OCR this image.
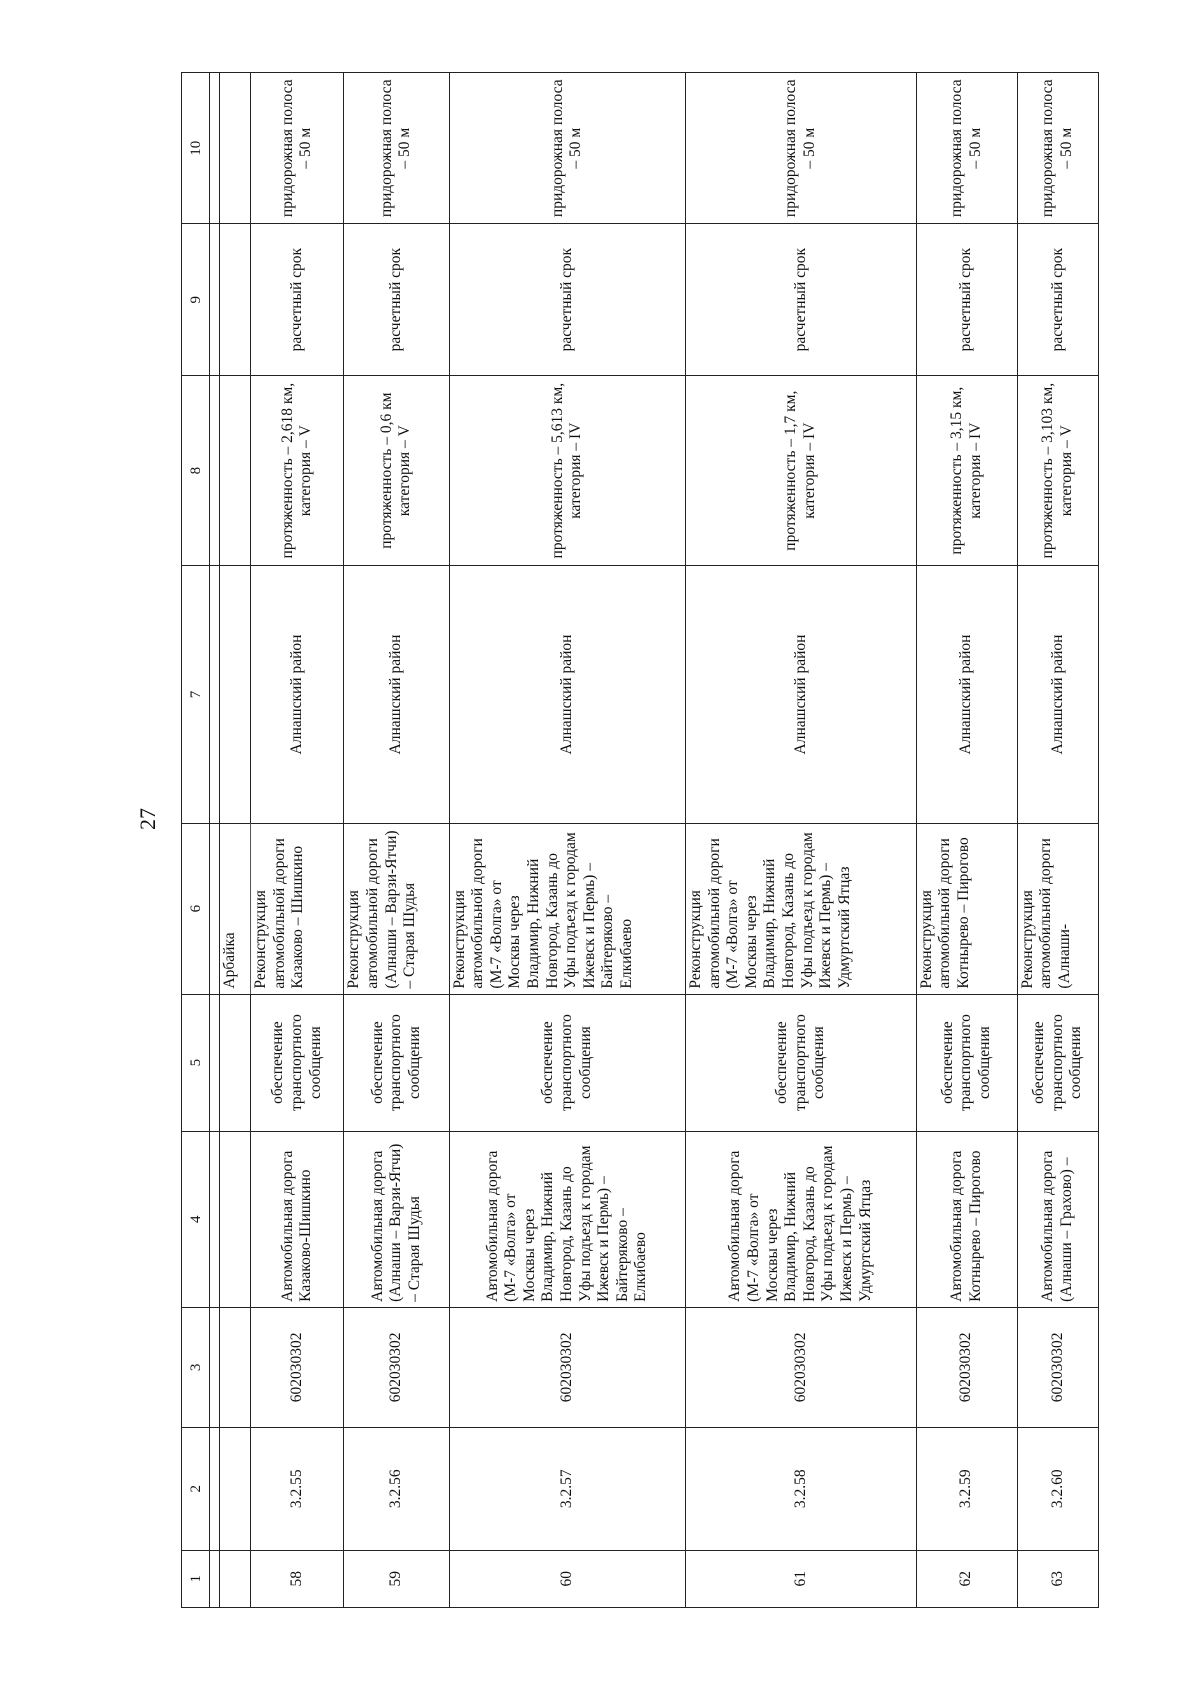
27
1	2	3	4	5	6	7	8	9	10

					Арбайка				
58	3.2.55	602030302	Автомобильная дорога Казаково-Шишкино	обеспечение транспортного сообщения	Реконструкция автомобильной дороги Казаково – Шишкино	Алнашский район	протяженность – 2,618 км, категория – V	расчетный срок	придорожная полоса – 50 м
59	3.2.56	602030302	Автомобильная дорога (Алнаши – Варзи-Ятчи) – Старая Шудья	обеспечение транспортного сообщения	Реконструкция автомобильной дороги (Алнаши – Варзи-Ятчи) – Старая Шудья	Алнашский район	протяженность – 0,6 км категория – V	расчетный срок	придорожная полоса – 50 м
60	3.2.57	602030302	Автомобильная дорога (М-7 «Волга» от Москвы через Владимир, Нижний Новгород, Казань до Уфы подъезд к городам Ижевск и Пермь) – Байтеряково – Елкибаево	обеспечение транспортного сообщения	Реконструкция автомобильной дороги (М-7 «Волга» от Москвы через Владимир, Нижний Новгород, Казань до Уфы подъезд к городам Ижевск и Пермь) – Байтеряково – Елкибаево	Алнашский район	протяженность – 5,613 км, категория – IV	расчетный срок	придорожная полоса – 50 м
61	3.2.58	602030302	Автомобильная дорога (М-7 «Волга» от Москвы через Владимир, Нижний Новгород, Казань до Уфы подъезд к городам Ижевск и Пермь) – Удмуртский Ятцаз	обеспечение транспортного сообщения	Реконструкция автомобильной дороги (М-7 «Волга» от Москвы через Владимир, Нижний Новгород, Казань до Уфы подъезд к городам Ижевск и Пермь) – Удмуртский Ятцаз	Алнашский район	протяженность – 1,7 км, категория – IV	расчетный срок	придорожная полоса – 50 м
62	3.2.59	602030302	Автомобильная дорога Котнырево – Пирогово	обеспечение транспортного сообщения	Реконструкция автомобильной дороги Котнырево – Пирогово	Алнашский район	протяженность – 3,15 км, категория – IV	расчетный срок	придорожная полоса – 50 м
63	3.2.60	602030302	Автомобильная дорога (Алнаши – Грахово) –	обеспечение транспортного сообщения	Реконструкция автомобильной дороги (Алнаши-	Алнашский район	протяженность – 3,103 км, категория – V	расчетный срок	придорожная полоса – 50 м
